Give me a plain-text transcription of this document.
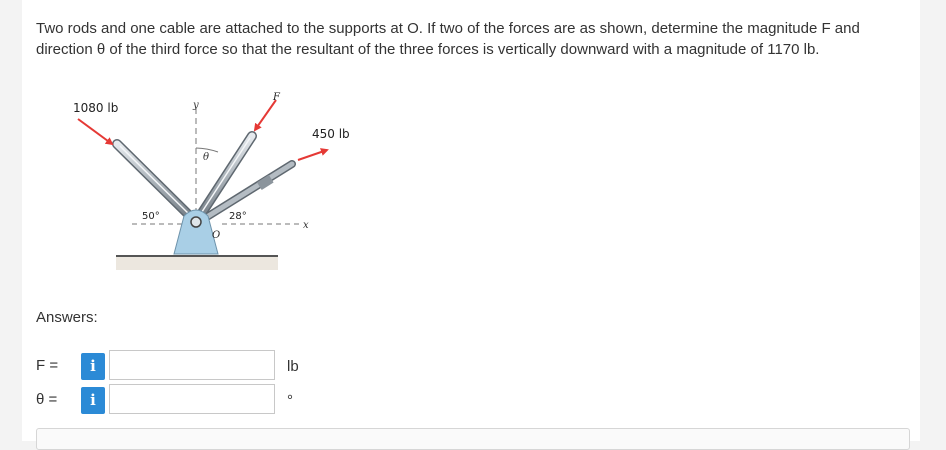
Two rods and one cable are attached to the supports at O. If two of the forces are as shown, determine the magnitude F and direction θ of the third force so that the resultant of the three forces is vertically downward with a magnitude of 1170 lb.
x
y
θ
50°	28°
O
1080 lb
450 lb
F
Answers:
F =	i	lb
θ =	i	°
